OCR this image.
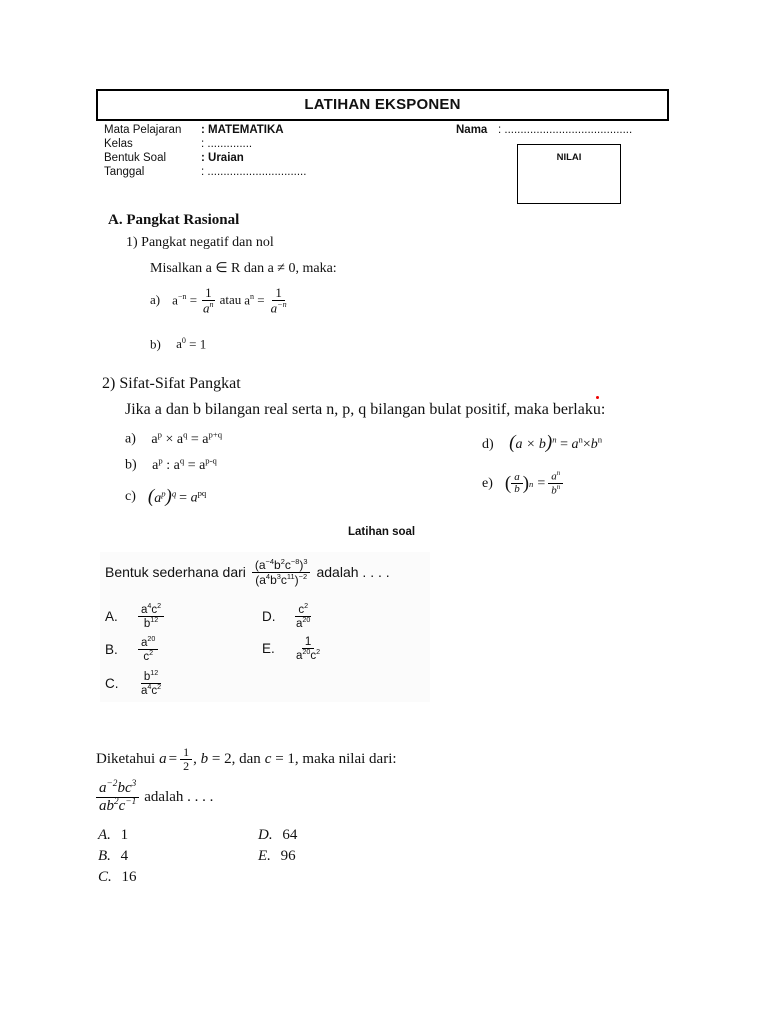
LATIHAN EKSPONEN
Mata Pelajaran : MATEMATIKA
Kelas	: ..............
Bentuk Soal	: Uraian
Tanggal	: ...............................
Nama : ........................................
NILAI
A. Pangkat Rasional
1) Pangkat negatif dan nol
Misalkan a ∈ R dan a ≠ 0, maka:
a) $a^{-n} = \frac{1}{a^n}$ atau $a^n = \frac{1}{a^{-n}}$
b) $a^0 = 1$
2) Sifat-Sifat Pangkat
Jika a dan b bilangan real serta n, p, q bilangan bulat positif, maka berlaku:
a) $a^p \times a^q = a^{p+q}$
b) $a^p$ : $a^q = a^{p-q}$
c) $(a^p)^q = a^{pq}$
d) $(a \times b)^n = a^n\times b^n$
e) ( $\frac{a}{b}$ ) $n = \frac{a^n}{b^n}$
Latihan soal
Bentuk sederhana dari $\frac{(a^{-4}b^2c^{-8})^3}{(a^4b^3c^{11})^{-2}}$ adalah . . . .
A.	$\frac{a^4c^2}{b^{12}}$
B.	$\frac{a^{20}}{c^2}$
C.	$\frac{b^{12}}{a^4c^2}$
D.	$\frac{c^2}{a^{20}}$
E.	$\frac{1}{a^{20}c^2}$
Diketahui $a = \frac{1}{2}$ , b = 2 , dan c = 1 , maka nilai dari:
$\frac{a^{-2}bc^3}{ab^2c^{-1}}$ adalah . . . .
A. 1
B. 4
C. 16
D. 64
E. 96
